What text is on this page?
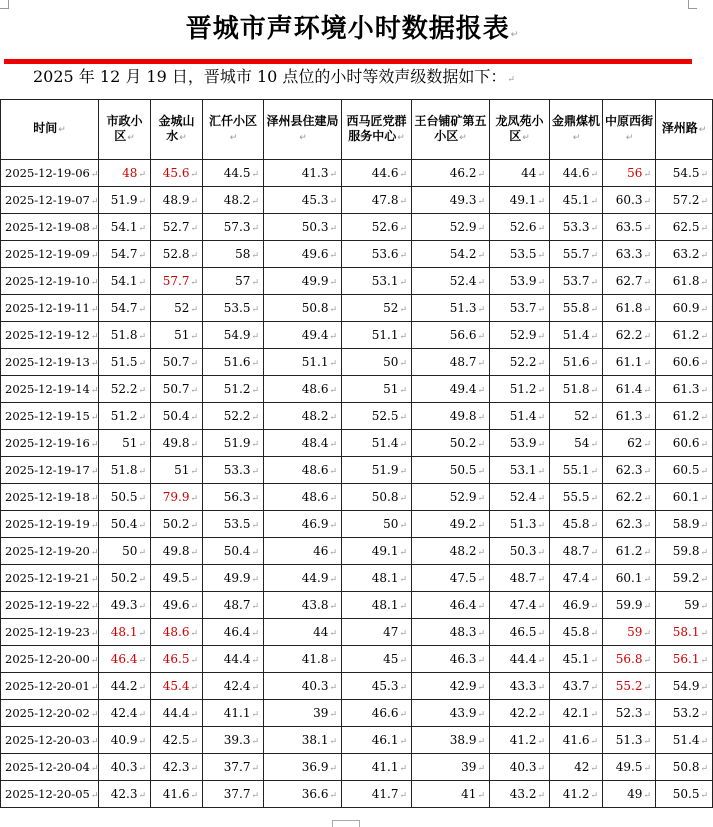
晋城市声环境小时数据报表↵
2025 年 12 月 19 日，晋城市 10 点位的小时等效声级数据如下：↵
时间↵	市政小区↵	金城山水↵	汇仟小区↵	泽州县住建局↵	西马匠党群服务中心↵	王台铺矿第五小区↵	龙凤苑小区↵	金鼎煤机↵	中原西街↵	泽州路↵
2025-12-19-06↵	48↵	45.6↵	44.5↵	41.3↵	44.6↵	46.2↵	44↵	44.6↵	56↵	54.5↵
2025-12-19-07↵	51.9↵	48.9↵	48.2↵	45.3↵	47.8↵	49.3↵	49.1↵	45.1↵	60.3↵	57.2↵
2025-12-19-08↵	54.1↵	52.7↵	57.3↵	50.3↵	52.6↵	52.9↵	52.6↵	53.3↵	63.5↵	62.5↵
2025-12-19-09↵	54.7↵	52.8↵	58↵	49.6↵	53.6↵	54.2↵	53.5↵	55.7↵	63.3↵	63.2↵
2025-12-19-10↵	54.1↵	57.7↵	57↵	49.9↵	53.1↵	52.4↵	53.9↵	53.7↵	62.7↵	61.8↵
2025-12-19-11↵	54.7↵	52↵	53.5↵	50.8↵	52↵	51.3↵	53.7↵	55.8↵	61.8↵	60.9↵
2025-12-19-12↵	51.8↵	51↵	54.9↵	49.4↵	51.1↵	56.6↵	52.9↵	51.4↵	62.2↵	61.2↵
2025-12-19-13↵	51.5↵	50.7↵	51.6↵	51.1↵	50↵	48.7↵	52.2↵	51.6↵	61.1↵	60.6↵
2025-12-19-14↵	52.2↵	50.7↵	51.2↵	48.6↵	51↵	49.4↵	51.2↵	51.8↵	61.4↵	61.3↵
2025-12-19-15↵	51.2↵	50.4↵	52.2↵	48.2↵	52.5↵	49.8↵	51.4↵	52↵	61.3↵	61.2↵
2025-12-19-16↵	51↵	49.8↵	51.9↵	48.4↵	51.4↵	50.2↵	53.9↵	54↵	62↵	60.6↵
2025-12-19-17↵	51.8↵	51↵	53.3↵	48.6↵	51.9↵	50.5↵	53.1↵	55.1↵	62.3↵	60.5↵
2025-12-19-18↵	50.5↵	79.9↵	56.3↵	48.6↵	50.8↵	52.9↵	52.4↵	55.5↵	62.2↵	60.1↵
2025-12-19-19↵	50.4↵	50.2↵	53.5↵	46.9↵	50↵	49.2↵	51.3↵	45.8↵	62.3↵	58.9↵
2025-12-19-20↵	50↵	49.8↵	50.4↵	46↵	49.1↵	48.2↵	50.3↵	48.7↵	61.2↵	59.8↵
2025-12-19-21↵	50.2↵	49.5↵	49.9↵	44.9↵	48.1↵	47.5↵	48.7↵	47.4↵	60.1↵	59.2↵
2025-12-19-22↵	49.3↵	49.6↵	48.7↵	43.8↵	48.1↵	46.4↵	47.4↵	46.9↵	59.9↵	59↵
2025-12-19-23↵	48.1↵	48.6↵	46.4↵	44↵	47↵	48.3↵	46.5↵	45.8↵	59↵	58.1↵
2025-12-20-00↵	46.4↵	46.5↵	44.4↵	41.8↵	45↵	46.3↵	44.4↵	45.1↵	56.8↵	56.1↵
2025-12-20-01↵	44.2↵	45.4↵	42.4↵	40.3↵	45.3↵	42.9↵	43.3↵	43.7↵	55.2↵	54.9↵
2025-12-20-02↵	42.4↵	44.4↵	41.1↵	39↵	46.6↵	43.9↵	42.2↵	42.1↵	52.3↵	53.2↵
2025-12-20-03↵	40.9↵	42.5↵	39.3↵	38.1↵	46.1↵	38.9↵	41.2↵	41.6↵	51.3↵	51.4↵
2025-12-20-04↵	40.3↵	42.3↵	37.7↵	36.9↵	41.1↵	39↵	40.3↵	42↵	49.5↵	50.8↵
2025-12-20-05↵	42.3↵	41.6↵	37.7↵	36.6↵	41.7↵	41↵	43.2↵	41.2↵	49↵	50.5↵
